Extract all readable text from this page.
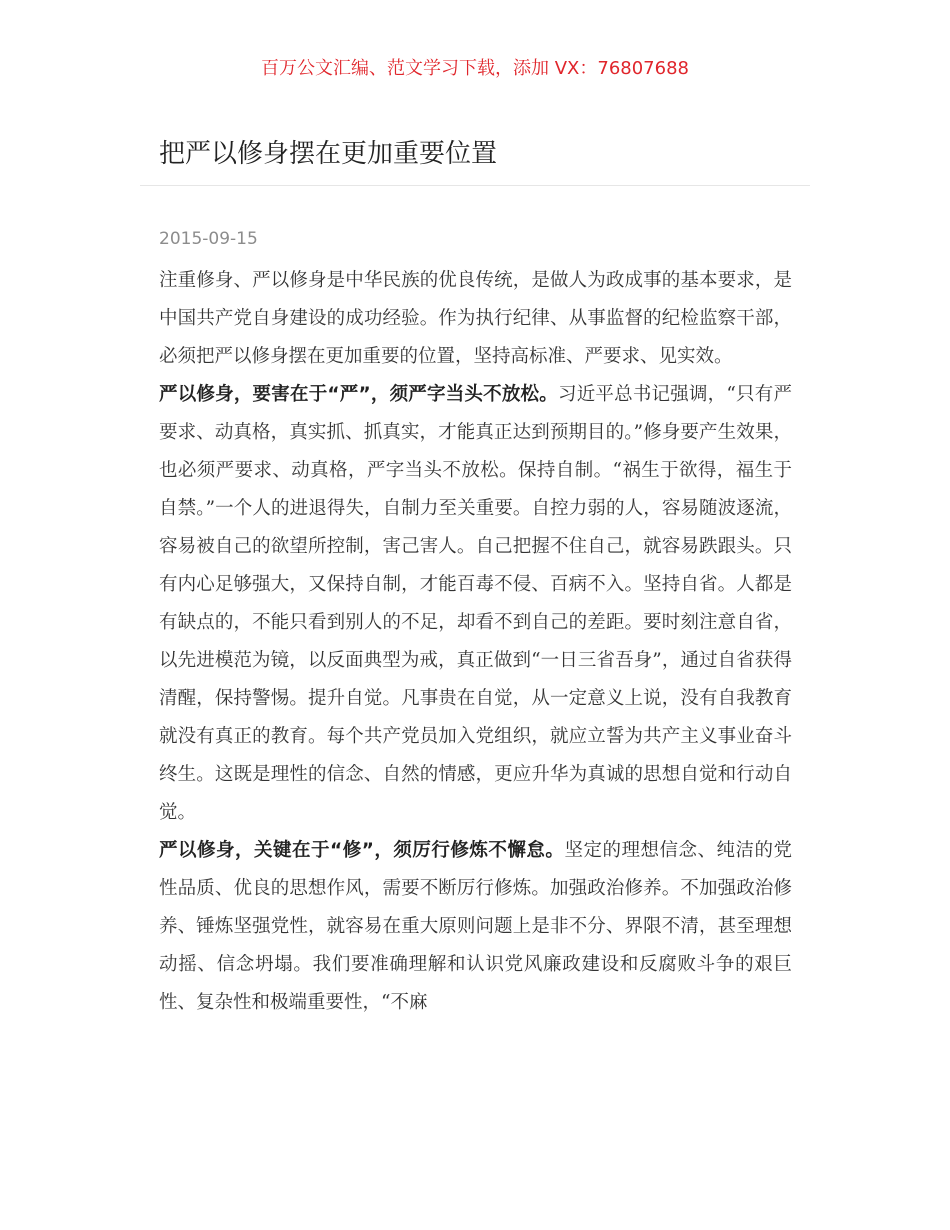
百万公文汇编、范文学习下载，添加 VX：76807688
把严以修身摆在更加重要位置
2015-09-15

注重修身、严以修身是中华民族的优良传统，是做人为政成事的基本要求，是中国共产党自身建设的成功经验。作为执行纪律、从事监督的纪检监察干部，必须把严以修身摆在更加重要的位置，坚持高标准、严要求、见实效。

严以修身，要害在于“严”，须严字当头不放松。习近平总书记强调，“只有严要求、动真格，真实抓、抓真实，才能真正达到预期目的。”修身要产生效果，也必须严要求、动真格，严字当头不放松。保持自制。“祸生于欲得，福生于自禁。”一个人的进退得失，自制力至关重要。自控力弱的人，容易随波逐流，容易被自己的欲望所控制，害己害人。自己把握不住自己，就容易跌跟头。只有内心足够强大，又保持自制，才能百毒不侵、百病不入。坚持自省。人都是有缺点的，不能只看到别人的不足，却看不到自己的差距。要时刻注意自省，以先进模范为镜，以反面典型为戒，真正做到“一日三省吾身”，通过自省获得清醒，保持警惕。提升自觉。凡事贵在自觉，从一定意义上说，没有自我教育就没有真正的教育。每个共产党员加入党组织，就应立誓为共产主义事业奋斗终生。这既是理性的信念、自然的情感，更应升华为真诚的思想自觉和行动自觉。

严以修身，关键在于“修”，须厉行修炼不懈怠。坚定的理想信念、纯洁的党性品质、优良的思想作风，需要不断厉行修炼。加强政治修养。不加强政治修养、锤炼坚强党性，就容易在重大原则问题上是非不分、界限不清，甚至理想动摇、信念坍塌。我们要准确理解和认识党风廉政建设和反腐败斗争的艰巨性、复杂性和极端重要性，“不麻
